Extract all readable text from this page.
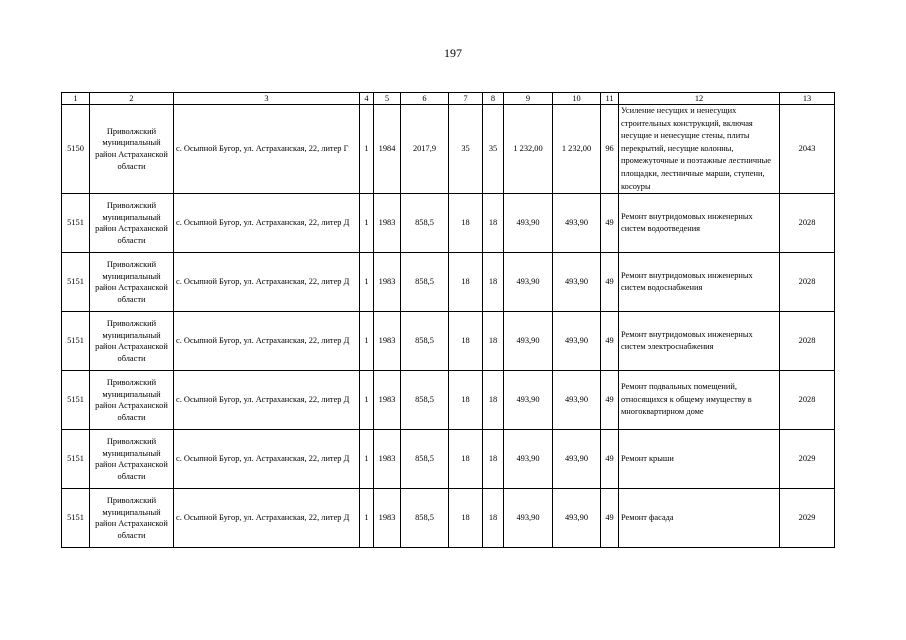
197
1	2	3	4	5	6	7	8	9	10	11	12	13
5150	Приволжский муниципальный район Астраханской области	с. Осыпной Бугор, ул. Астраханская, 22, литер Г	1	1984	2017,9	35	35	1 232,00	1 232,00	96	Усиление несущих и ненесущих строительных конструкций, включая несущие и ненесущие стены, плиты перекрытий, несущие колонны, промежуточные и поэтажные лестничные площадки, лестничные марши, ступени, косоуры	2043
5151	Приволжский муниципальный район Астраханской области	с. Осыпной Бугор, ул. Астраханская, 22, литер Д	1	1983	858,5	18	18	493,90	493,90	49	Ремонт внутридомовых инженерных систем водоотведения	2028
5151	Приволжский муниципальный район Астраханской области	с. Осыпной Бугор, ул. Астраханская, 22, литер Д	1	1983	858,5	18	18	493,90	493,90	49	Ремонт внутридомовых инженерных систем водоснабжения	2028
5151	Приволжский муниципальный район Астраханской области	с. Осыпной Бугор, ул. Астраханская, 22, литер Д	1	1983	858,5	18	18	493,90	493,90	49	Ремонт внутридомовых инженерных систем электроснабжения	2028
5151	Приволжский муниципальный район Астраханской области	с. Осыпной Бугор, ул. Астраханская, 22, литер Д	1	1983	858,5	18	18	493,90	493,90	49	Ремонт подвальных помещений, относящихся к общему имуществу в многоквартирном доме	2028
5151	Приволжский муниципальный район Астраханской области	с. Осыпной Бугор, ул. Астраханская, 22, литер Д	1	1983	858,5	18	18	493,90	493,90	49	Ремонт крыши	2029
5151	Приволжский муниципальный район Астраханской области	с. Осыпной Бугор, ул. Астраханская, 22, литер Д	1	1983	858,5	18	18	493,90	493,90	49	Ремонт фасада	2029
